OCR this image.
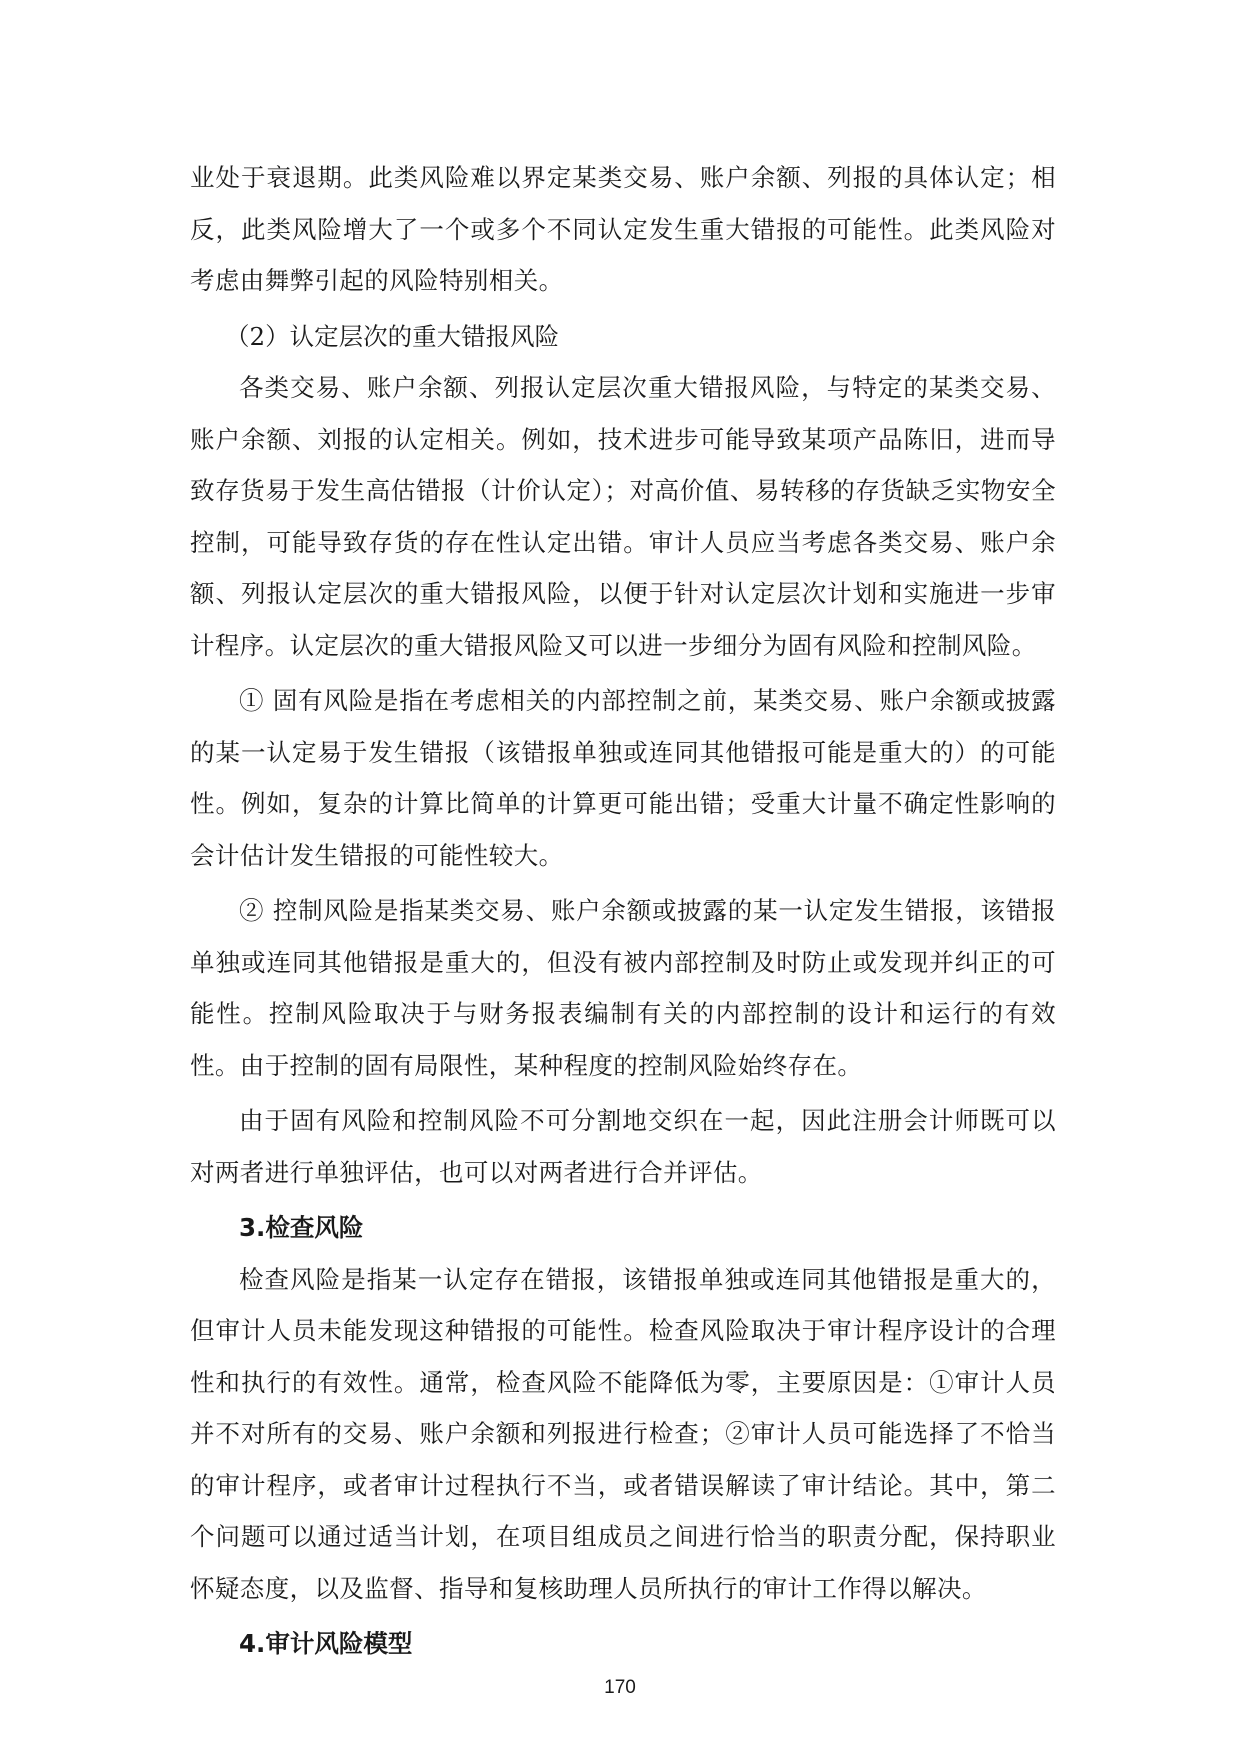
业处于衰退期。此类风险难以界定某类交易、账户余额、列报的具体认定；相反，此类风险增大了一个或多个不同认定发生重大错报的可能性。此类风险对考虑由舞弊引起的风险特别相关。

（2）认定层次的重大错报风险

各类交易、账户余额、列报认定层次重大错报风险，与特定的某类交易、账户余额、刘报的认定相关。例如，技术进步可能导致某项产品陈旧，进而导致存货易于发生高估错报（计价认定）；对高价值、易转移的存货缺乏实物安全控制，可能导致存货的存在性认定出错。审计人员应当考虑各类交易、账户余额、列报认定层次的重大错报风险，以便于针对认定层次计划和实施进一步审计程序。认定层次的重大错报风险又可以进一步细分为固有风险和控制风险。

① 固有风险是指在考虑相关的内部控制之前，某类交易、账户余额或披露的某一认定易于发生错报（该错报单独或连同其他错报可能是重大的）的可能性。例如，复杂的计算比简单的计算更可能出错；受重大计量不确定性影响的会计估计发生错报的可能性较大。

② 控制风险是指某类交易、账户余额或披露的某一认定发生错报，该错报单独或连同其他错报是重大的，但没有被内部控制及时防止或发现并纠正的可能性。控制风险取决于与财务报表编制有关的内部控制的设计和运行的有效性。由于控制的固有局限性，某种程度的控制风险始终存在。

由于固有风险和控制风险不可分割地交织在一起，因此注册会计师既可以对两者进行单独评估，也可以对两者进行合并评估。

3.检查风险

检查风险是指某一认定存在错报，该错报单独或连同其他错报是重大的，但审计人员未能发现这种错报的可能性。检查风险取决于审计程序设计的合理性和执行的有效性。通常，检查风险不能降低为零，主要原因是：①审计人员并不对所有的交易、账户余额和列报进行检查；②审计人员可能选择了不恰当的审计程序，或者审计过程执行不当，或者错误解读了审计结论。其中，第二个问题可以通过适当计划，在项目组成员之间进行恰当的职责分配，保持职业怀疑态度，以及监督、指导和复核助理人员所执行的审计工作得以解决。

4.审计风险模型

170
